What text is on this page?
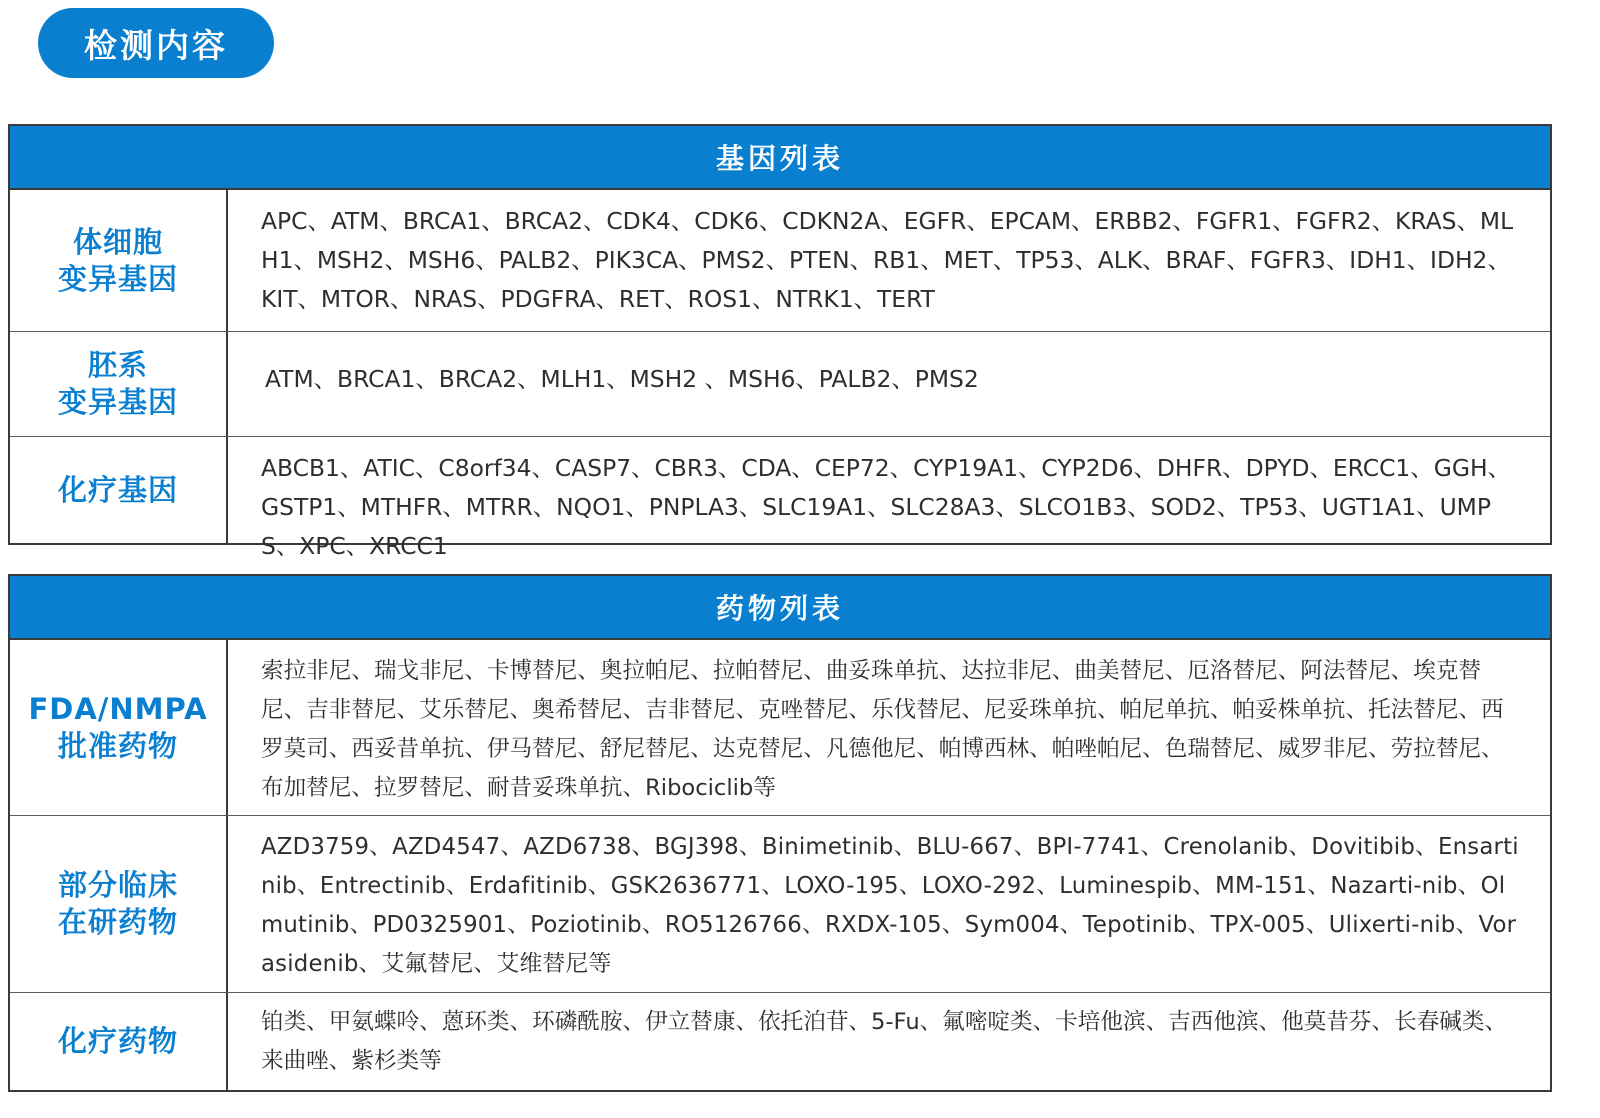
检测内容
基因列表
体细胞
变异基因
APC、ATM、BRCA1、BRCA2、CDK4、CDK6、CDKN2A、EGFR、EPCAM、ERBB2、FGFR1、FGFR2、KRAS、MLH1、MSH2、MSH6、PALB2、PIK3CA、PMS2、PTEN、RB1、MET、TP53、ALK、BRAF、FGFR3、IDH1、IDH2、KIT、MTOR、NRAS、PDGFRA、RET、ROS1、NTRK1、TERT
胚系
变异基因
ATM、BRCA1、BRCA2、MLH1、MSH2 、MSH6、PALB2、PMS2
化疗基因
ABCB1、ATIC、C8orf34、CASP7、CBR3、CDA、CEP72、CYP19A1、CYP2D6、DHFR、DPYD、ERCC1、GGH、GSTP1、MTHFR、MTRR、NQO1、PNPLA3、SLC19A1、SLC28A3、SLCO1B3、SOD2、TP53、UGT1A1、UMPS、XPC、XRCC1
药物列表
FDA/NMPA
批准药物
索拉非尼、瑞戈非尼、卡博替尼、奥拉帕尼、拉帕替尼、曲妥珠单抗、达拉非尼、曲美替尼、厄洛替尼、阿法替尼、埃克替尼、吉非替尼、艾乐替尼、奥希替尼、吉非替尼、克唑替尼、乐伐替尼、尼妥珠单抗、帕尼单抗、帕妥株单抗、托法替尼、西罗莫司、西妥昔单抗、伊马替尼、舒尼替尼、达克替尼、凡德他尼、帕博西林、帕唑帕尼、色瑞替尼、威罗非尼、劳拉替尼、布加替尼、拉罗替尼、耐昔妥珠单抗、Ribociclib等
部分临床
在研药物
AZD3759、AZD4547、AZD6738、BGJ398、Binimetinib、BLU-667、BPI-7741、Crenolanib、Dovitibib、Ensartinib、Entrectinib、Erdafitinib、GSK2636771、LOXO-195、LOXO-292、Luminespib、MM-151、Nazarti-nib、Olmutinib、PD0325901、Poziotinib、RO5126766、RXDX-105、Sym004、Tepotinib、TPX-005、Ulixerti-nib、Vorasidenib、艾氟替尼、艾维替尼等
化疗药物
铂类、甲氨蝶呤、蒽环类、环磷酰胺、伊立替康、依托泊苷、5-Fu、氟嘧啶类、卡培他滨、吉西他滨、他莫昔芬、长春碱类、来曲唑、紫杉类等
